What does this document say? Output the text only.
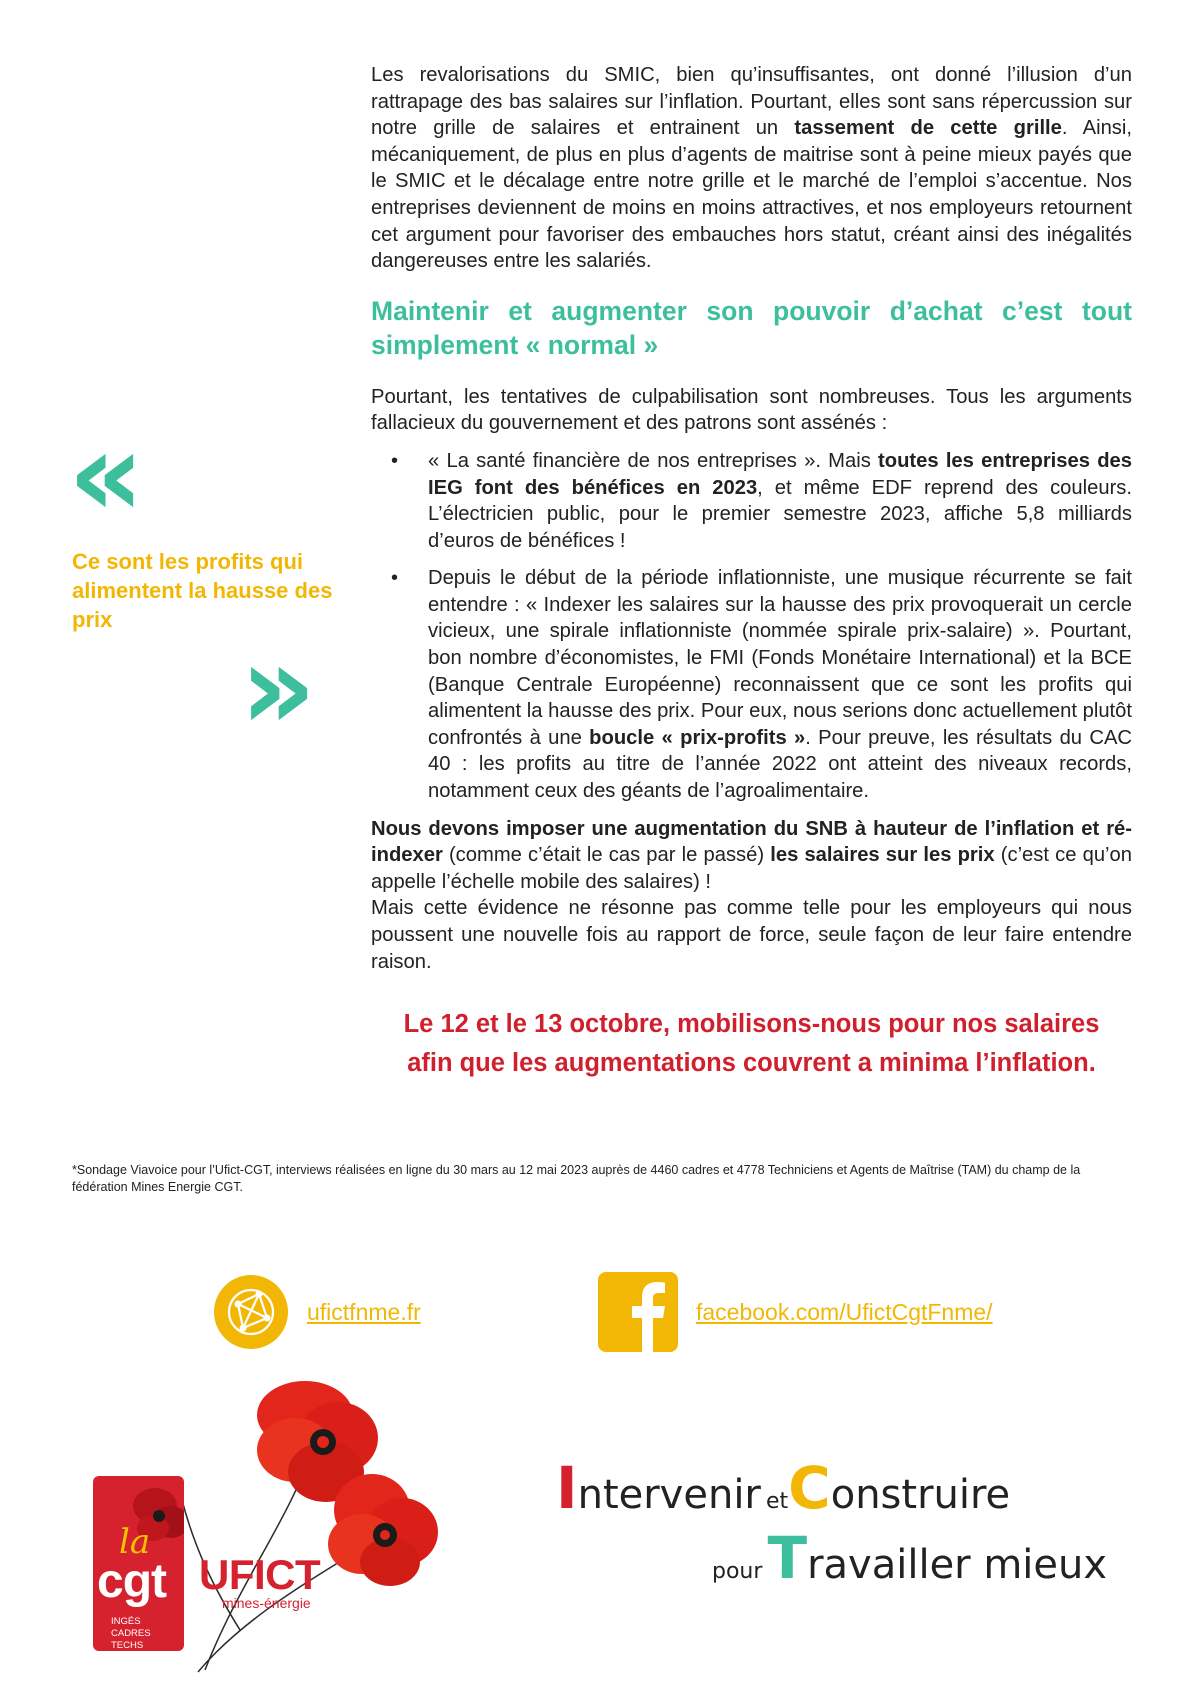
Les revalorisations du SMIC, bien qu’insuffisantes, ont donné l’illusion d’un rattrapage des bas salaires sur l’inflation. Pourtant, elles sont sans répercussion sur notre grille de salaires et entrainent un tassement de cette grille. Ainsi, mécaniquement, de plus en plus d’agents de maitrise sont à peine mieux payés que le SMIC et le décalage entre notre grille et le marché de l’emploi s’accentue. Nos entreprises deviennent de moins en moins attractives, et nos employeurs retournent cet argument pour favoriser des embauches hors statut, créant ainsi des inégalités dangereuses entre les salariés.

Maintenir et augmenter son pouvoir d’achat c’est tout simplement « normal »

Pourtant, les tentatives de culpabilisation sont nombreuses. Tous les arguments fallacieux du gouvernement et des patrons sont assénés :

• « La santé financière de nos entreprises ». Mais toutes les entreprises des IEG font des bénéfices en 2023, et même EDF reprend des couleurs. L’électricien public, pour le premier semestre 2023, affiche 5,8 milliards d’euros de bénéfices !
• Depuis le début de la période inflationniste, une musique récurrente se fait entendre : « Indexer les salaires sur la hausse des prix provoquerait un cercle vicieux, une spirale inflationniste (nommée spirale prix-salaire) ». Pourtant, bon nombre d’économistes, le FMI (Fonds Monétaire International) et la BCE (Banque Centrale Européenne) reconnaissent que ce sont les profits qui alimentent la hausse des prix. Pour eux, nous serions donc actuellement plutôt confrontés à une boucle « prix-profits ». Pour preuve, les résultats du CAC 40 : les profits au titre de l’année 2022 ont atteint des niveaux records, notamment ceux des géants de l’agroalimentaire.

Nous devons imposer une augmentation du SNB à hauteur de l’inflation et ré-indexer (comme c’était le cas par le passé) les salaires sur les prix (c’est ce qu’on appelle l’échelle mobile des salaires) !

Mais cette évidence ne résonne pas comme telle pour les employeurs qui nous poussent une nouvelle fois au rapport de force, seule façon de leur faire entendre raison.

Le 12 et le 13 octobre, mobilisons-nous pour nos salaires
afin que les augmentations couvrent a minima l’inflation.
«
Ce sont les profits qui alimentent la hausse des prix	»
*Sondage Viavoice pour l’Ufict-CGT, interviews réalisées en ligne du 30 mars au 12 mai 2023 auprès de 4460 cadres et 4778 Techniciens et Agents de Maîtrise (TAM) du champ de la fédération Mines Energie CGT.
ufictfnme.fr	facebook.com/UfictCgtFnme/
la
cgt
INGÉS
CADRES
TECHS
UFICT
mines-énergie
Intervenir etConstruire
pour Travailler mieux
